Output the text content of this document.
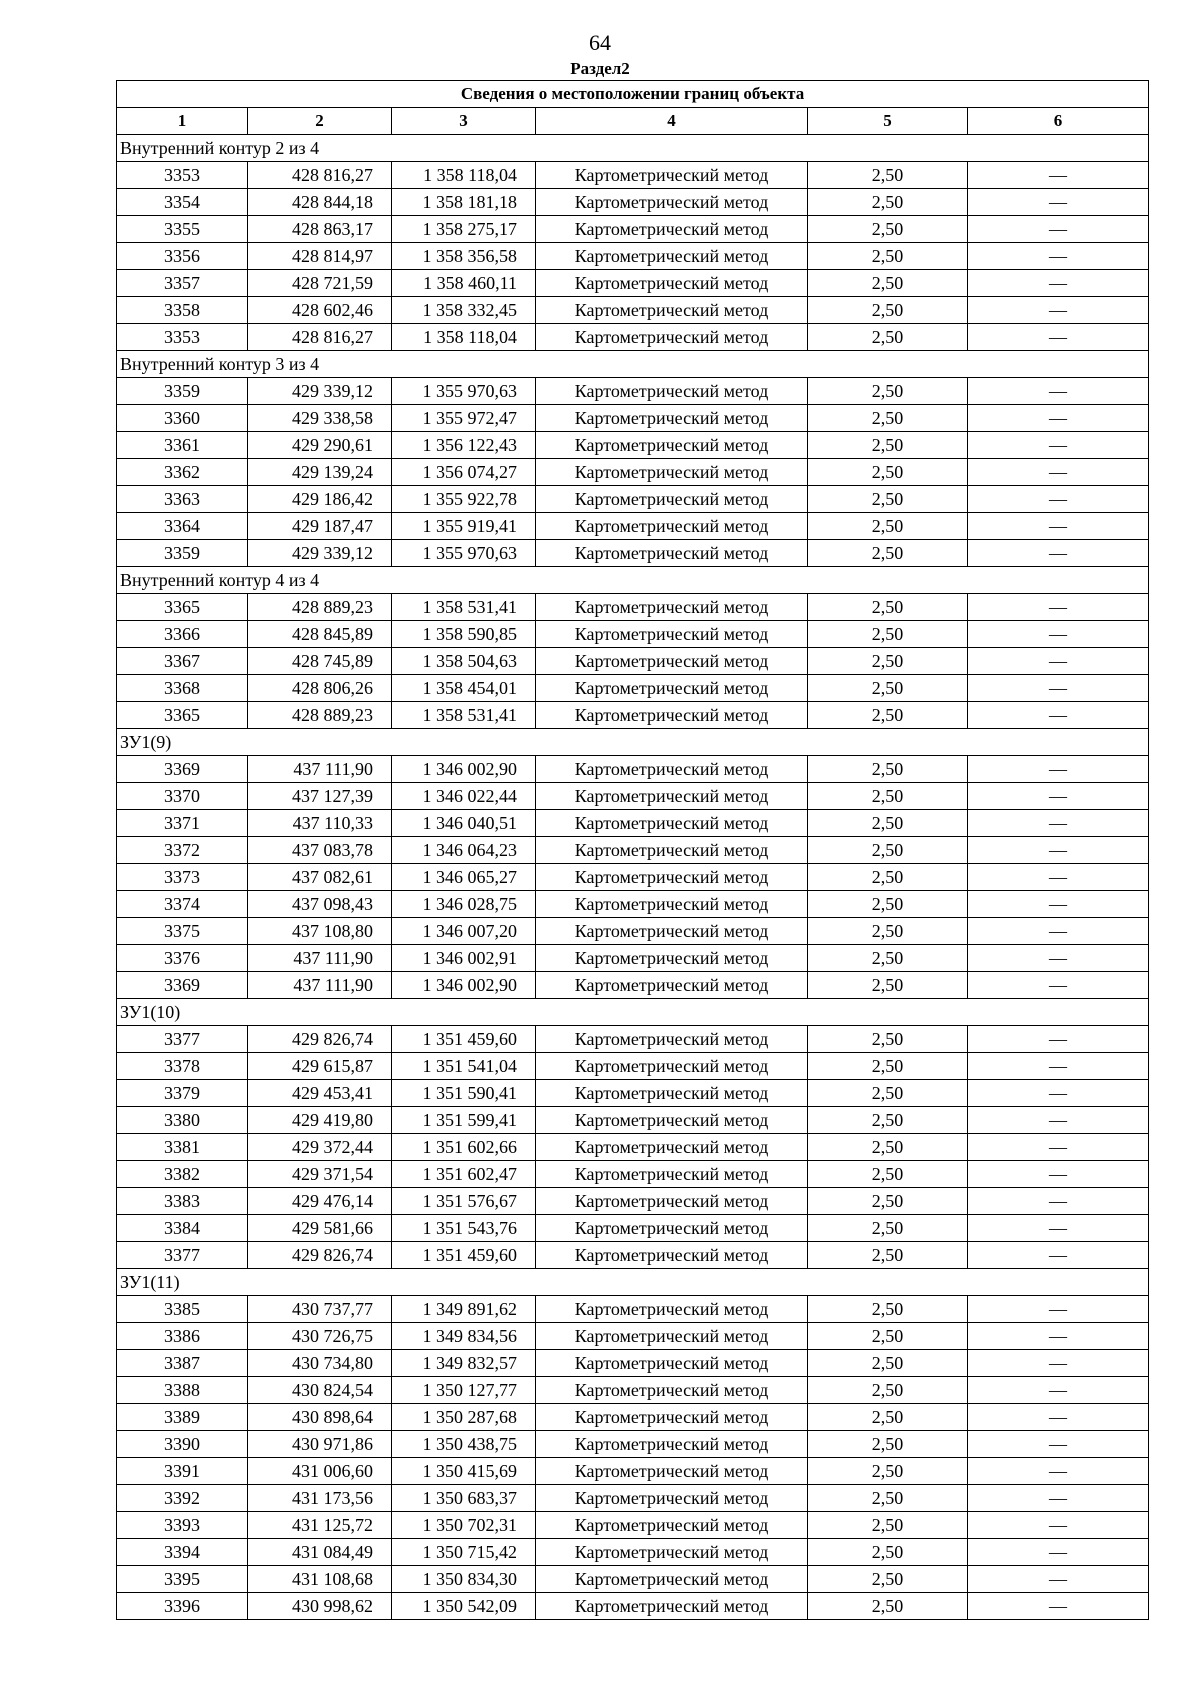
64
Раздел2
Сведения о местоположении границ объекта					
1	2	3	4	5	6
Внутренний контур 2 из 4					
3353	428 816,27	1 358 118,04	Картометрический метод	2,50	—
3354	428 844,18	1 358 181,18	Картометрический метод	2,50	—
3355	428 863,17	1 358 275,17	Картометрический метод	2,50	—
3356	428 814,97	1 358 356,58	Картометрический метод	2,50	—
3357	428 721,59	1 358 460,11	Картометрический метод	2,50	—
3358	428 602,46	1 358 332,45	Картометрический метод	2,50	—
3353	428 816,27	1 358 118,04	Картометрический метод	2,50	—
Внутренний контур 3 из 4					
3359	429 339,12	1 355 970,63	Картометрический метод	2,50	—
3360	429 338,58	1 355 972,47	Картометрический метод	2,50	—
3361	429 290,61	1 356 122,43	Картометрический метод	2,50	—
3362	429 139,24	1 356 074,27	Картометрический метод	2,50	—
3363	429 186,42	1 355 922,78	Картометрический метод	2,50	—
3364	429 187,47	1 355 919,41	Картометрический метод	2,50	—
3359	429 339,12	1 355 970,63	Картометрический метод	2,50	—
Внутренний контур 4 из 4					
3365	428 889,23	1 358 531,41	Картометрический метод	2,50	—
3366	428 845,89	1 358 590,85	Картометрический метод	2,50	—
3367	428 745,89	1 358 504,63	Картометрический метод	2,50	—
3368	428 806,26	1 358 454,01	Картометрический метод	2,50	—
3365	428 889,23	1 358 531,41	Картометрический метод	2,50	—
ЗУ1(9)					
3369	437 111,90	1 346 002,90	Картометрический метод	2,50	—
3370	437 127,39	1 346 022,44	Картометрический метод	2,50	—
3371	437 110,33	1 346 040,51	Картометрический метод	2,50	—
3372	437 083,78	1 346 064,23	Картометрический метод	2,50	—
3373	437 082,61	1 346 065,27	Картометрический метод	2,50	—
3374	437 098,43	1 346 028,75	Картометрический метод	2,50	—
3375	437 108,80	1 346 007,20	Картометрический метод	2,50	—
3376	437 111,90	1 346 002,91	Картометрический метод	2,50	—
3369	437 111,90	1 346 002,90	Картометрический метод	2,50	—
ЗУ1(10)					
3377	429 826,74	1 351 459,60	Картометрический метод	2,50	—
3378	429 615,87	1 351 541,04	Картометрический метод	2,50	—
3379	429 453,41	1 351 590,41	Картометрический метод	2,50	—
3380	429 419,80	1 351 599,41	Картометрический метод	2,50	—
3381	429 372,44	1 351 602,66	Картометрический метод	2,50	—
3382	429 371,54	1 351 602,47	Картометрический метод	2,50	—
3383	429 476,14	1 351 576,67	Картометрический метод	2,50	—
3384	429 581,66	1 351 543,76	Картометрический метод	2,50	—
3377	429 826,74	1 351 459,60	Картометрический метод	2,50	—
ЗУ1(11)					
3385	430 737,77	1 349 891,62	Картометрический метод	2,50	—
3386	430 726,75	1 349 834,56	Картометрический метод	2,50	—
3387	430 734,80	1 349 832,57	Картометрический метод	2,50	—
3388	430 824,54	1 350 127,77	Картометрический метод	2,50	—
3389	430 898,64	1 350 287,68	Картометрический метод	2,50	—
3390	430 971,86	1 350 438,75	Картометрический метод	2,50	—
3391	431 006,60	1 350 415,69	Картометрический метод	2,50	—
3392	431 173,56	1 350 683,37	Картометрический метод	2,50	—
3393	431 125,72	1 350 702,31	Картометрический метод	2,50	—
3394	431 084,49	1 350 715,42	Картометрический метод	2,50	—
3395	431 108,68	1 350 834,30	Картометрический метод	2,50	—
3396	430 998,62	1 350 542,09	Картометрический метод	2,50	—
